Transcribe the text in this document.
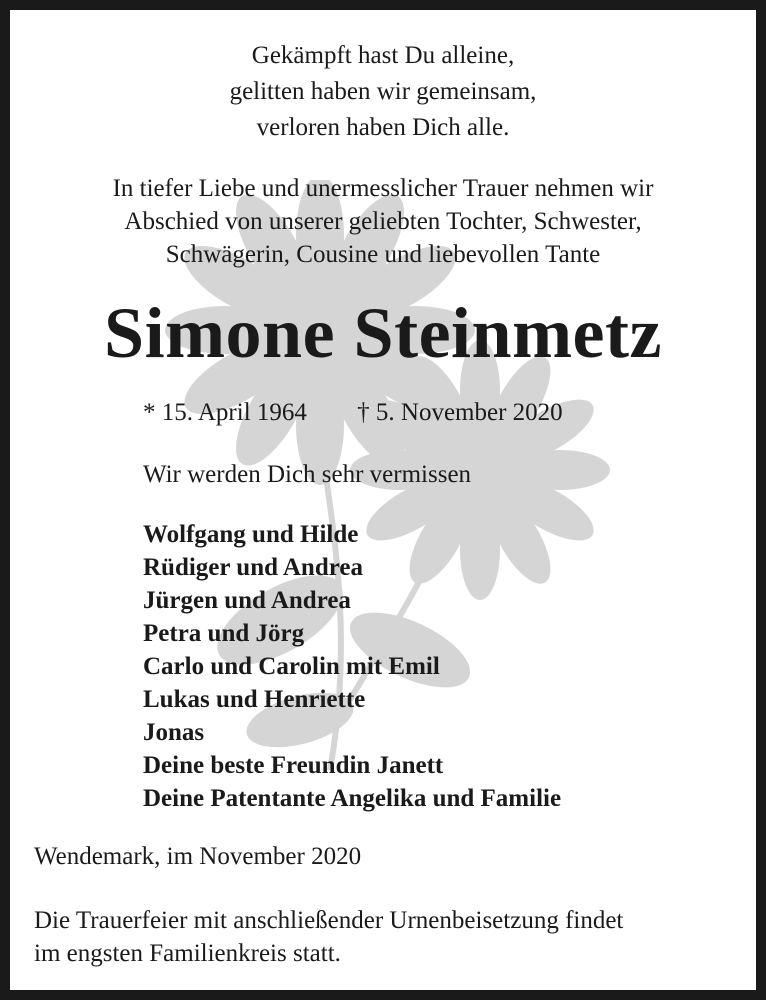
Gekämpft hast Du alleine,
gelitten haben wir gemeinsam,
verloren haben Dich alle.
In tiefer Liebe und unermesslicher Trauer nehmen wir
Abschied von unserer geliebten Tochter, Schwester,
Schwägerin, Cousine und liebevollen Tante
Simone Steinmetz
* 15. April 1964 † 5. November 2020
Wir werden Dich sehr vermissen
Wolfgang und Hilde
Rüdiger und Andrea
Jürgen und Andrea
Petra und Jörg
Carlo und Carolin mit Emil
Lukas und Henriette
Jonas
Deine beste Freundin Janett
Deine Patentante Angelika und Familie
Wendemark, im November 2020
Die Trauerfeier mit anschließender Urnenbeisetzung findet
im engsten Familienkreis statt.
